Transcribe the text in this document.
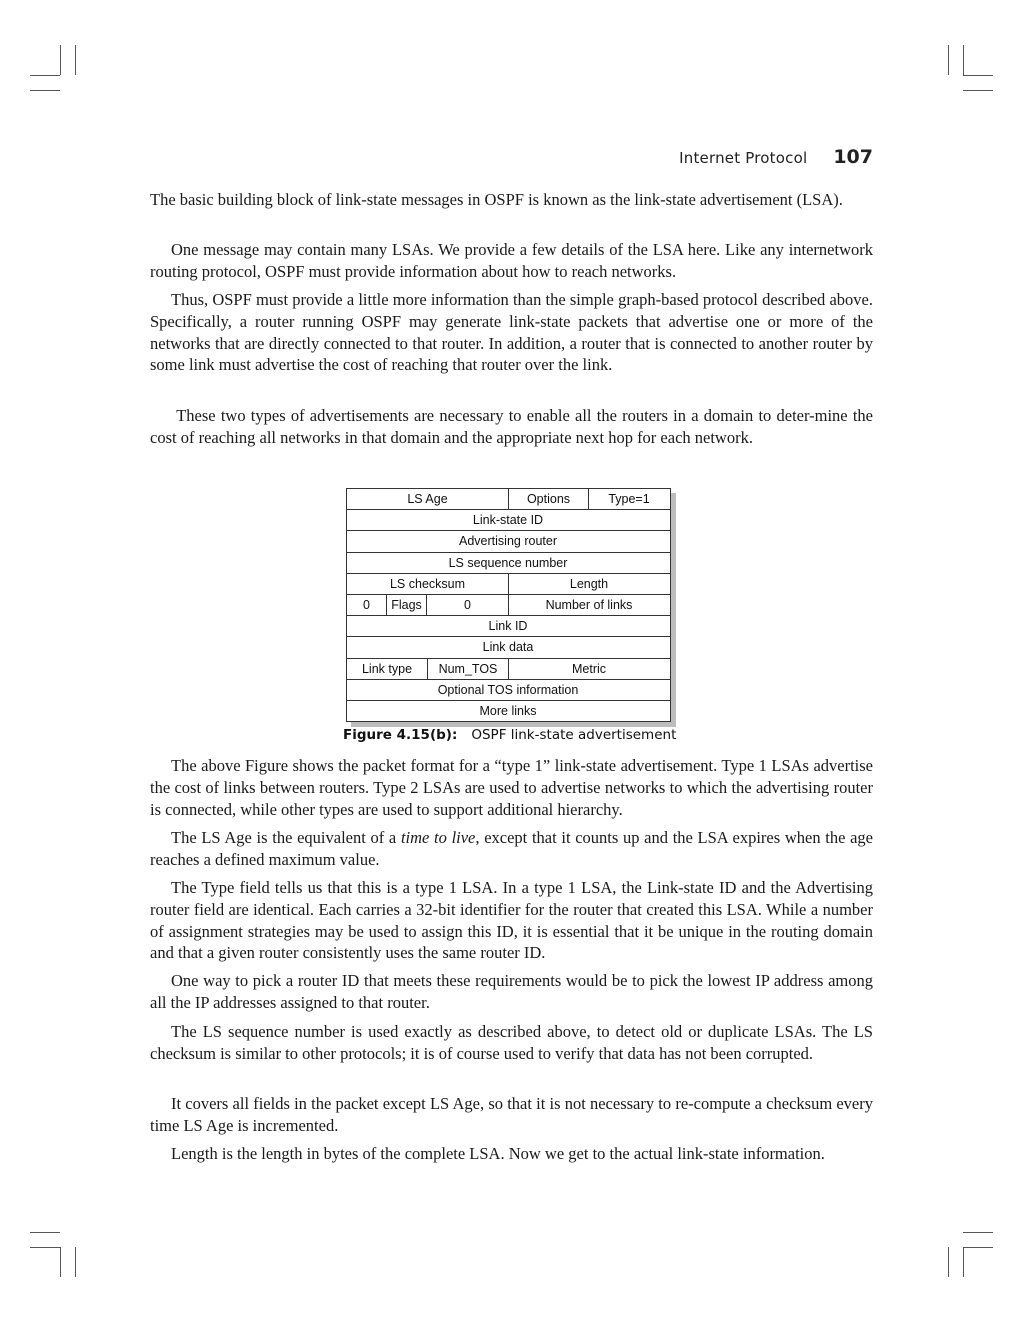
Internet Protocol 107

The basic building block of link-state messages in OSPF is known as the link-state advertisement (LSA).

One message may contain many LSAs. We provide a few details of the LSA here. Like any internetwork routing protocol, OSPF must provide information about how to reach networks.

Thus, OSPF must provide a little more information than the simple graph-based protocol described above. Specifically, a router running OSPF may generate link-state packets that advertise one or more of the networks that are directly connected to that router. In addition, a router that is connected to another router by some link must advertise the cost of reaching that router over the link.

These two types of advertisements are necessary to enable all the routers in a domain to deter-mine the cost of reaching all networks in that domain and the appropriate next hop for each network.

LS Age	Options	Type=1
Link-state ID
Advertising router
LS sequence number
LS checksum	Length
0	Flags	0	Number of links
Link ID
Link data
Link type	Num_TOS	Metric
Optional TOS information
More links
Figure 4.15(b): OSPF link-state advertisement

The above Figure shows the packet format for a “type 1” link-state advertisement. Type 1 LSAs advertise the cost of links between routers. Type 2 LSAs are used to advertise networks to which the advertising router is connected, while other types are used to support additional hierarchy.

The LS Age is the equivalent of a time to live, except that it counts up and the LSA expires when the age reaches a defined maximum value.

The Type field tells us that this is a type 1 LSA. In a type 1 LSA, the Link-state ID and the Advertising router field are identical. Each carries a 32-bit identifier for the router that created this LSA. While a number of assignment strategies may be used to assign this ID, it is essential that it be unique in the routing domain and that a given router consistently uses the same router ID.

One way to pick a router ID that meets these requirements would be to pick the lowest IP address among all the IP addresses assigned to that router.

The LS sequence number is used exactly as described above, to detect old or duplicate LSAs. The LS checksum is similar to other protocols; it is of course used to verify that data has not been corrupted.

It covers all fields in the packet except LS Age, so that it is not necessary to re-compute a checksum every time LS Age is incremented.

Length is the length in bytes of the complete LSA. Now we get to the actual link-state information.
